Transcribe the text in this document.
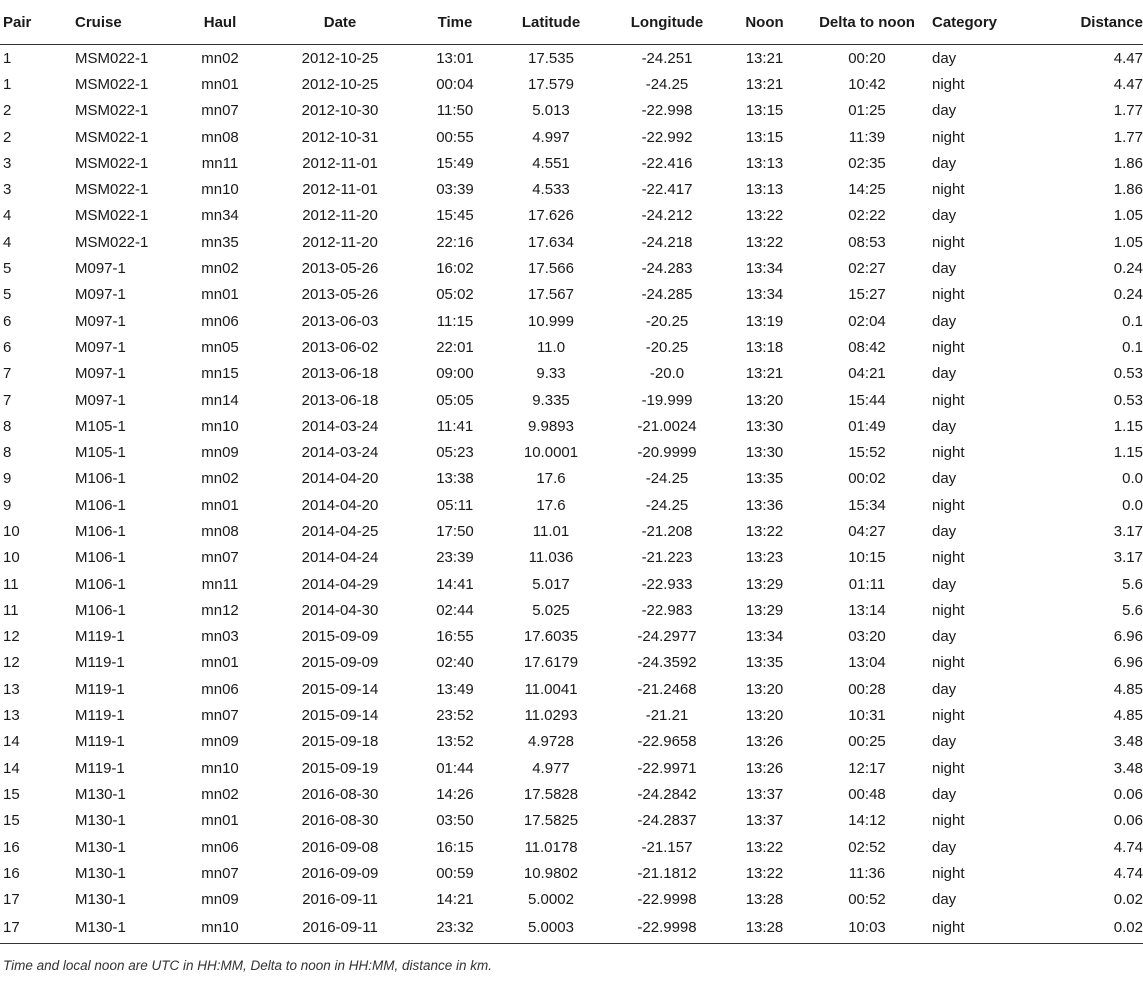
Pair	Cruise	Haul	Date	Time	Latitude	Longitude	Noon	Delta to noon	Category	Distance
1	MSM022-1	mn02	2012-10-25	13:01	17.535	-24.251	13:21	00:20	day	4.47
1	MSM022-1	mn01	2012-10-25	00:04	17.579	-24.25	13:21	10:42	night	4.47
2	MSM022-1	mn07	2012-10-30	11:50	5.013	-22.998	13:15	01:25	day	1.77
2	MSM022-1	mn08	2012-10-31	00:55	4.997	-22.992	13:15	11:39	night	1.77
3	MSM022-1	mn11	2012-11-01	15:49	4.551	-22.416	13:13	02:35	day	1.86
3	MSM022-1	mn10	2012-11-01	03:39	4.533	-22.417	13:13	14:25	night	1.86
4	MSM022-1	mn34	2012-11-20	15:45	17.626	-24.212	13:22	02:22	day	1.05
4	MSM022-1	mn35	2012-11-20	22:16	17.634	-24.218	13:22	08:53	night	1.05
5	M097-1	mn02	2013-05-26	16:02	17.566	-24.283	13:34	02:27	day	0.24
5	M097-1	mn01	2013-05-26	05:02	17.567	-24.285	13:34	15:27	night	0.24
6	M097-1	mn06	2013-06-03	11:15	10.999	-20.25	13:19	02:04	day	0.1
6	M097-1	mn05	2013-06-02	22:01	11.0	-20.25	13:18	08:42	night	0.1
7	M097-1	mn15	2013-06-18	09:00	9.33	-20.0	13:21	04:21	day	0.53
7	M097-1	mn14	2013-06-18	05:05	9.335	-19.999	13:20	15:44	night	0.53
8	M105-1	mn10	2014-03-24	11:41	9.9893	-21.0024	13:30	01:49	day	1.15
8	M105-1	mn09	2014-03-24	05:23	10.0001	-20.9999	13:30	15:52	night	1.15
9	M106-1	mn02	2014-04-20	13:38	17.6	-24.25	13:35	00:02	day	0.0
9	M106-1	mn01	2014-04-20	05:11	17.6	-24.25	13:36	15:34	night	0.0
10	M106-1	mn08	2014-04-25	17:50	11.01	-21.208	13:22	04:27	day	3.17
10	M106-1	mn07	2014-04-24	23:39	11.036	-21.223	13:23	10:15	night	3.17
11	M106-1	mn11	2014-04-29	14:41	5.017	-22.933	13:29	01:11	day	5.6
11	M106-1	mn12	2014-04-30	02:44	5.025	-22.983	13:29	13:14	night	5.6
12	M119-1	mn03	2015-09-09	16:55	17.6035	-24.2977	13:34	03:20	day	6.96
12	M119-1	mn01	2015-09-09	02:40	17.6179	-24.3592	13:35	13:04	night	6.96
13	M119-1	mn06	2015-09-14	13:49	11.0041	-21.2468	13:20	00:28	day	4.85
13	M119-1	mn07	2015-09-14	23:52	11.0293	-21.21	13:20	10:31	night	4.85
14	M119-1	mn09	2015-09-18	13:52	4.9728	-22.9658	13:26	00:25	day	3.48
14	M119-1	mn10	2015-09-19	01:44	4.977	-22.9971	13:26	12:17	night	3.48
15	M130-1	mn02	2016-08-30	14:26	17.5828	-24.2842	13:37	00:48	day	0.06
15	M130-1	mn01	2016-08-30	03:50	17.5825	-24.2837	13:37	14:12	night	0.06
16	M130-1	mn06	2016-09-08	16:15	11.0178	-21.157	13:22	02:52	day	4.74
16	M130-1	mn07	2016-09-09	00:59	10.9802	-21.1812	13:22	11:36	night	4.74
17	M130-1	mn09	2016-09-11	14:21	5.0002	-22.9998	13:28	00:52	day	0.02
17	M130-1	mn10	2016-09-11	23:32	5.0003	-22.9998	13:28	10:03	night	0.02
Time and local noon are UTC in HH:MM, Delta to noon in HH:MM, distance in km.
